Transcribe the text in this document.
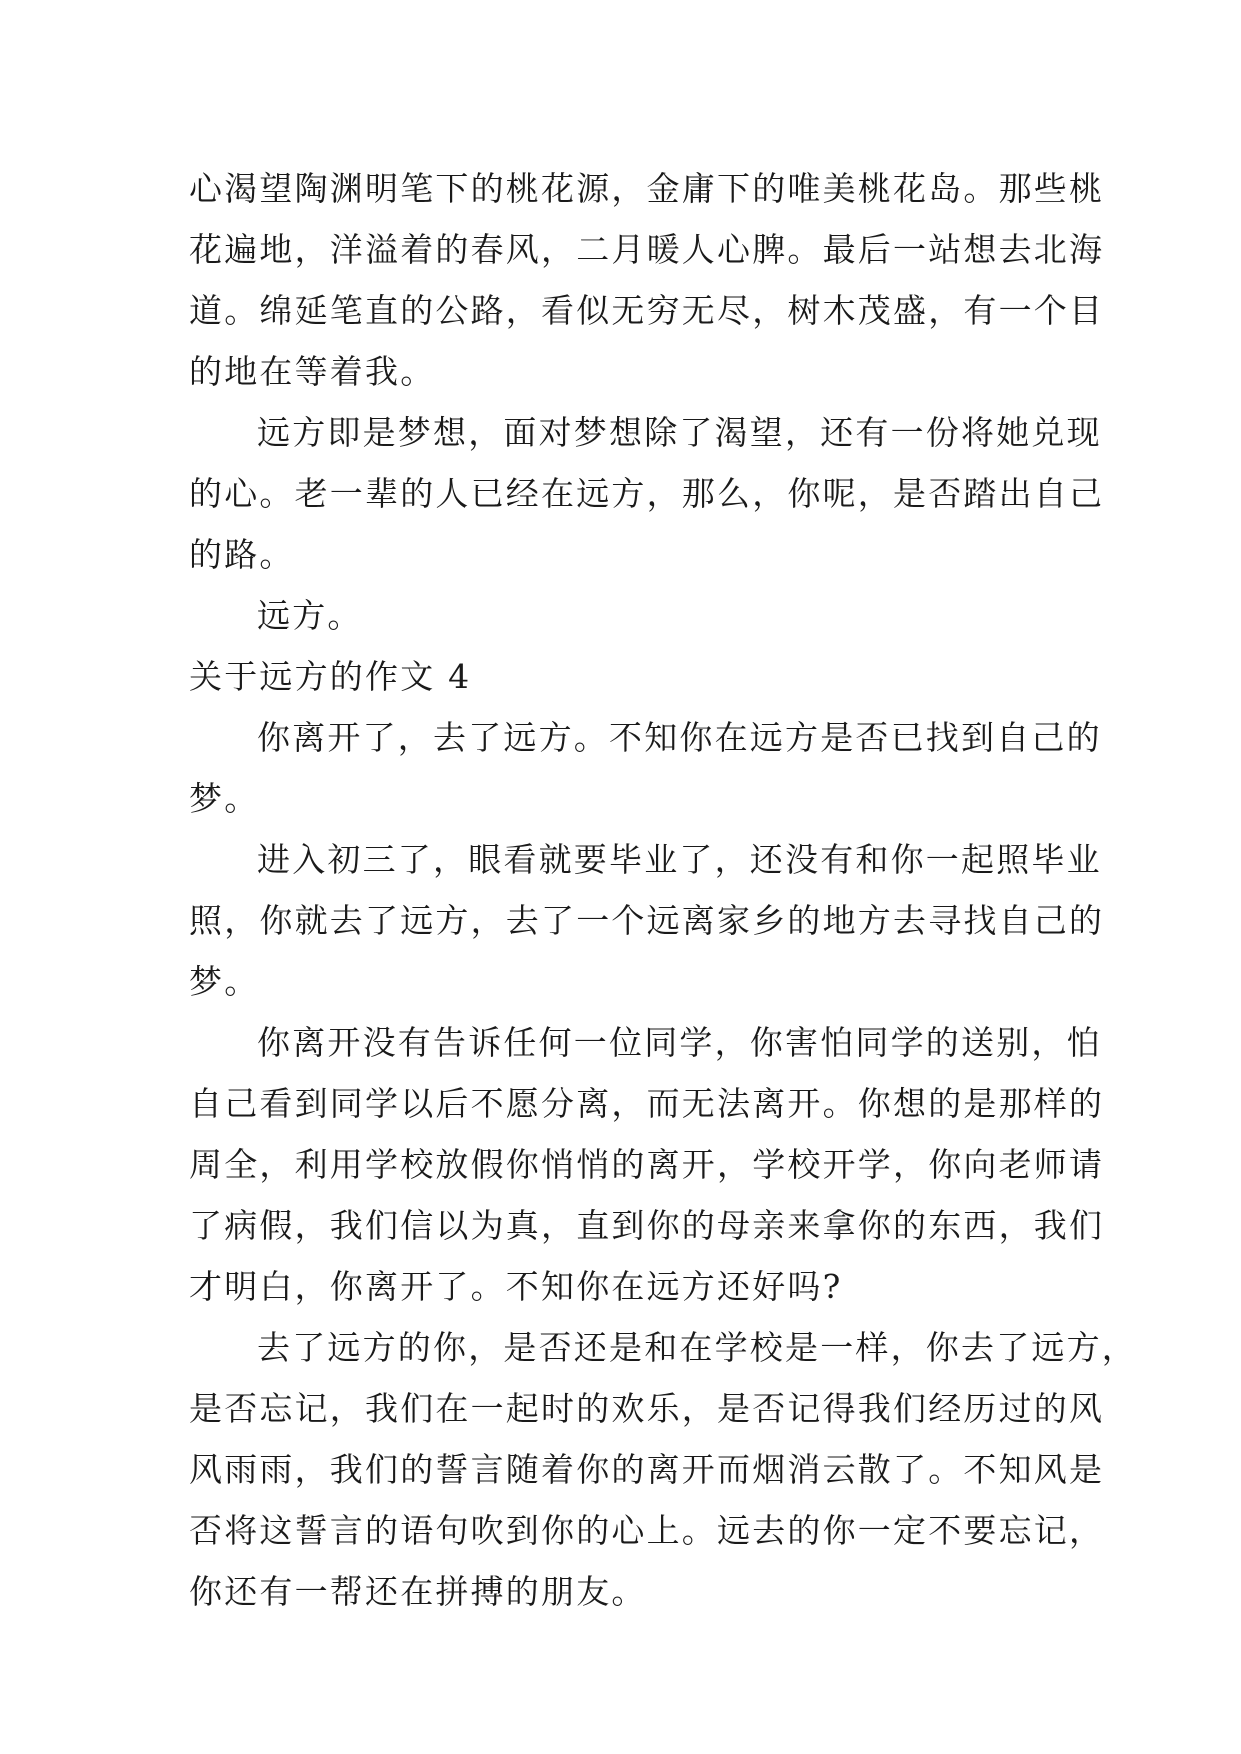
心渴望陶渊明笔下的桃花源，金庸下的唯美桃花岛。那些桃
花遍地，洋溢着的春风，二月暖人心脾。最后一站想去北海
道。绵延笔直的公路，看似无穷无尽，树木茂盛，有一个目
的地在等着我。
远方即是梦想，面对梦想除了渴望，还有一份将她兑现
的心。老一辈的人已经在远方，那么，你呢，是否踏出自己
的路。
远方。
关于远方的作文 4
你离开了，去了远方。不知你在远方是否已找到自己的
梦。
进入初三了，眼看就要毕业了，还没有和你一起照毕业
照，你就去了远方，去了一个远离家乡的地方去寻找自己的
梦。
你离开没有告诉任何一位同学，你害怕同学的送别，怕
自己看到同学以后不愿分离，而无法离开。你想的是那样的
周全，利用学校放假你悄悄的离开，学校开学，你向老师请
了病假，我们信以为真，直到你的母亲来拿你的东西，我们
才明白，你离开了。不知你在远方还好吗?
去了远方的你，是否还是和在学校是一样，你去了远方，
是否忘记，我们在一起时的欢乐，是否记得我们经历过的风
风雨雨，我们的誓言随着你的离开而烟消云散了。不知风是
否将这誓言的语句吹到你的心上。远去的你一定不要忘记，
你还有一帮还在拼搏的朋友。
